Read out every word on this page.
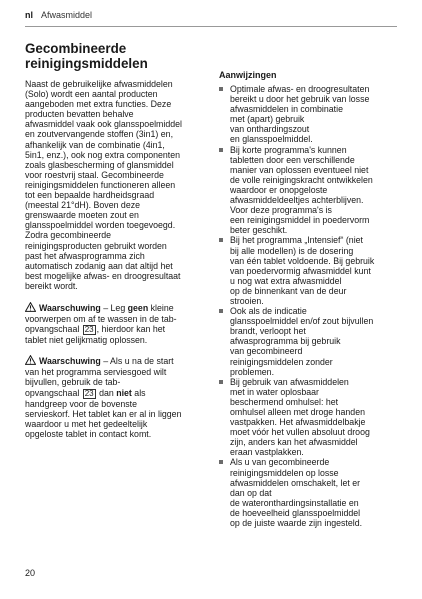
nl Afwasmiddel
Gecombineerde
reinigingsmiddelen

Naast de gebruikelijke afwasmiddelen
(Solo) wordt een aantal producten
aangeboden met extra functies. Deze
producten bevatten behalve
afwasmiddel vaak ook glansspoelmiddel
en zoutvervangende stoffen (3in1) en,
afhankelijk van de combinatie (4in1,
5in1, enz.), ook nog extra componenten
zoals glasbescherming of glansmiddel
voor roestvrij staal. Gecombineerde
reinigingsmiddelen functioneren alleen
tot een bepaalde hardheidsgraad
(meestal 21°dH). Boven deze
grenswaarde moeten zout en
glansspoelmiddel worden toegevoegd.

Zodra gecombineerde
reinigingsproducten gebruikt worden
past het afwasprogramma zich
automatisch zodanig aan dat altijd het
best mogelijke afwas- en droogresultaat
bereikt wordt.

Waarschuwing – Leg geen kleine
voorwerpen om af te wassen in de tab-
opvangschaal 23 , hierdoor kan het
tablet niet gelijkmatig oplossen.

Waarschuwing – Als u na de start
van het programma serviesgoed wilt
bijvullen, gebruik de tab-
opvangschaal 23 dan niet als
handgreep voor de bovenste
servieskorf. Het tablet kan er al in liggen
waardoor u met het gedeeltelijk
opgeloste tablet in contact komt.

Aanwijzingen
Optimale afwas- en droogresultaten
bereikt u door het gebruik van losse
afwasmiddelen in combinatie
met (apart) gebruik
van onthardingszout
en glansspoelmiddel.
Bij korte programma's kunnen
tabletten door een verschillende
manier van oplossen eventueel niet
de volle reinigingskracht ontwikkelen
waardoor er onopgeloste
afwasmiddeldeeltjes achterblijven.
Voor deze programma's is
een reinigingsmiddel in poedervorm
beter geschikt.
Bij het programma „Intensief“ (niet
bij alle modellen) is de dosering
van één tablet voldoende. Bij gebruik
van poedervormig afwasmiddel kunt
u nog wat extra afwasmiddel
op de binnenkant van de deur
strooien.
Ook als de indicatie
glansspoelmiddel en/of zout bijvullen
brandt, verloopt het
afwasprogramma bij gebruik
van gecombineerd
reinigingsmiddelen zonder
problemen.
Bij gebruik van afwasmiddelen
met in water oplosbaar
beschermend omhulsel: het
omhulsel alleen met droge handen
vastpakken. Het afwasmiddelbakje
moet vóór het vullen absoluut droog
zijn, anders kan het afwasmiddel
eraan vastplakken.
Als u van gecombineerde
reinigingsmiddelen op losse
afwasmiddelen omschakelt, let er
dan op dat
de wateronthardingsinstallatie en
de hoeveelheid glansspoelmiddel
op de juiste waarde zijn ingesteld.
20
